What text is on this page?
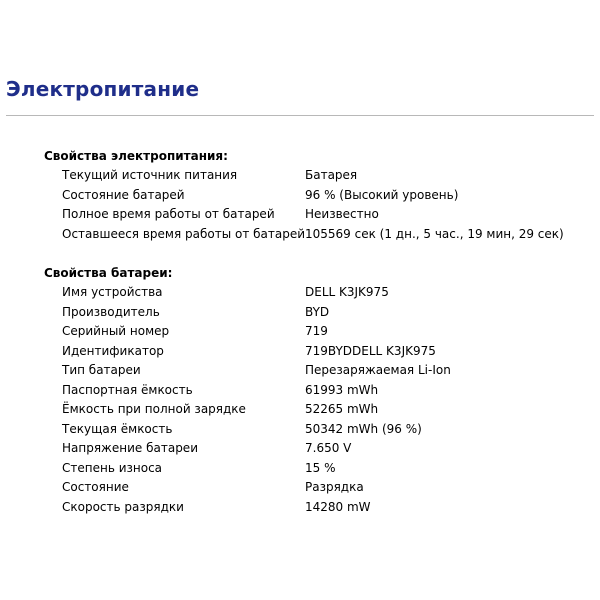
Электропитание
Свойства электропитания:
Текущий источник питания	Батарея
Состояние батарей	96 % (Высокий уровень)
Полное время работы от батарей	Неизвестно
Оставшееся время работы от батарей 105569 сек (1 дн., 5 час., 19 мин, 29 сек)
Свойства батареи:
Имя устройства	DELL K3JK975
Производитель	BYD
Серийный номер	719
Идентификатор	719BYDDELL K3JK975
Тип батареи	Перезаряжаемая Li-Ion
Паспортная ёмкость	61993 mWh
Ёмкость при полной зарядке	52265 mWh
Текущая ёмкость	50342 mWh (96 %)
Напряжение батареи	7.650 V
Степень износа	15 %
Состояние	Разрядка
Скорость разрядки	14280 mW
